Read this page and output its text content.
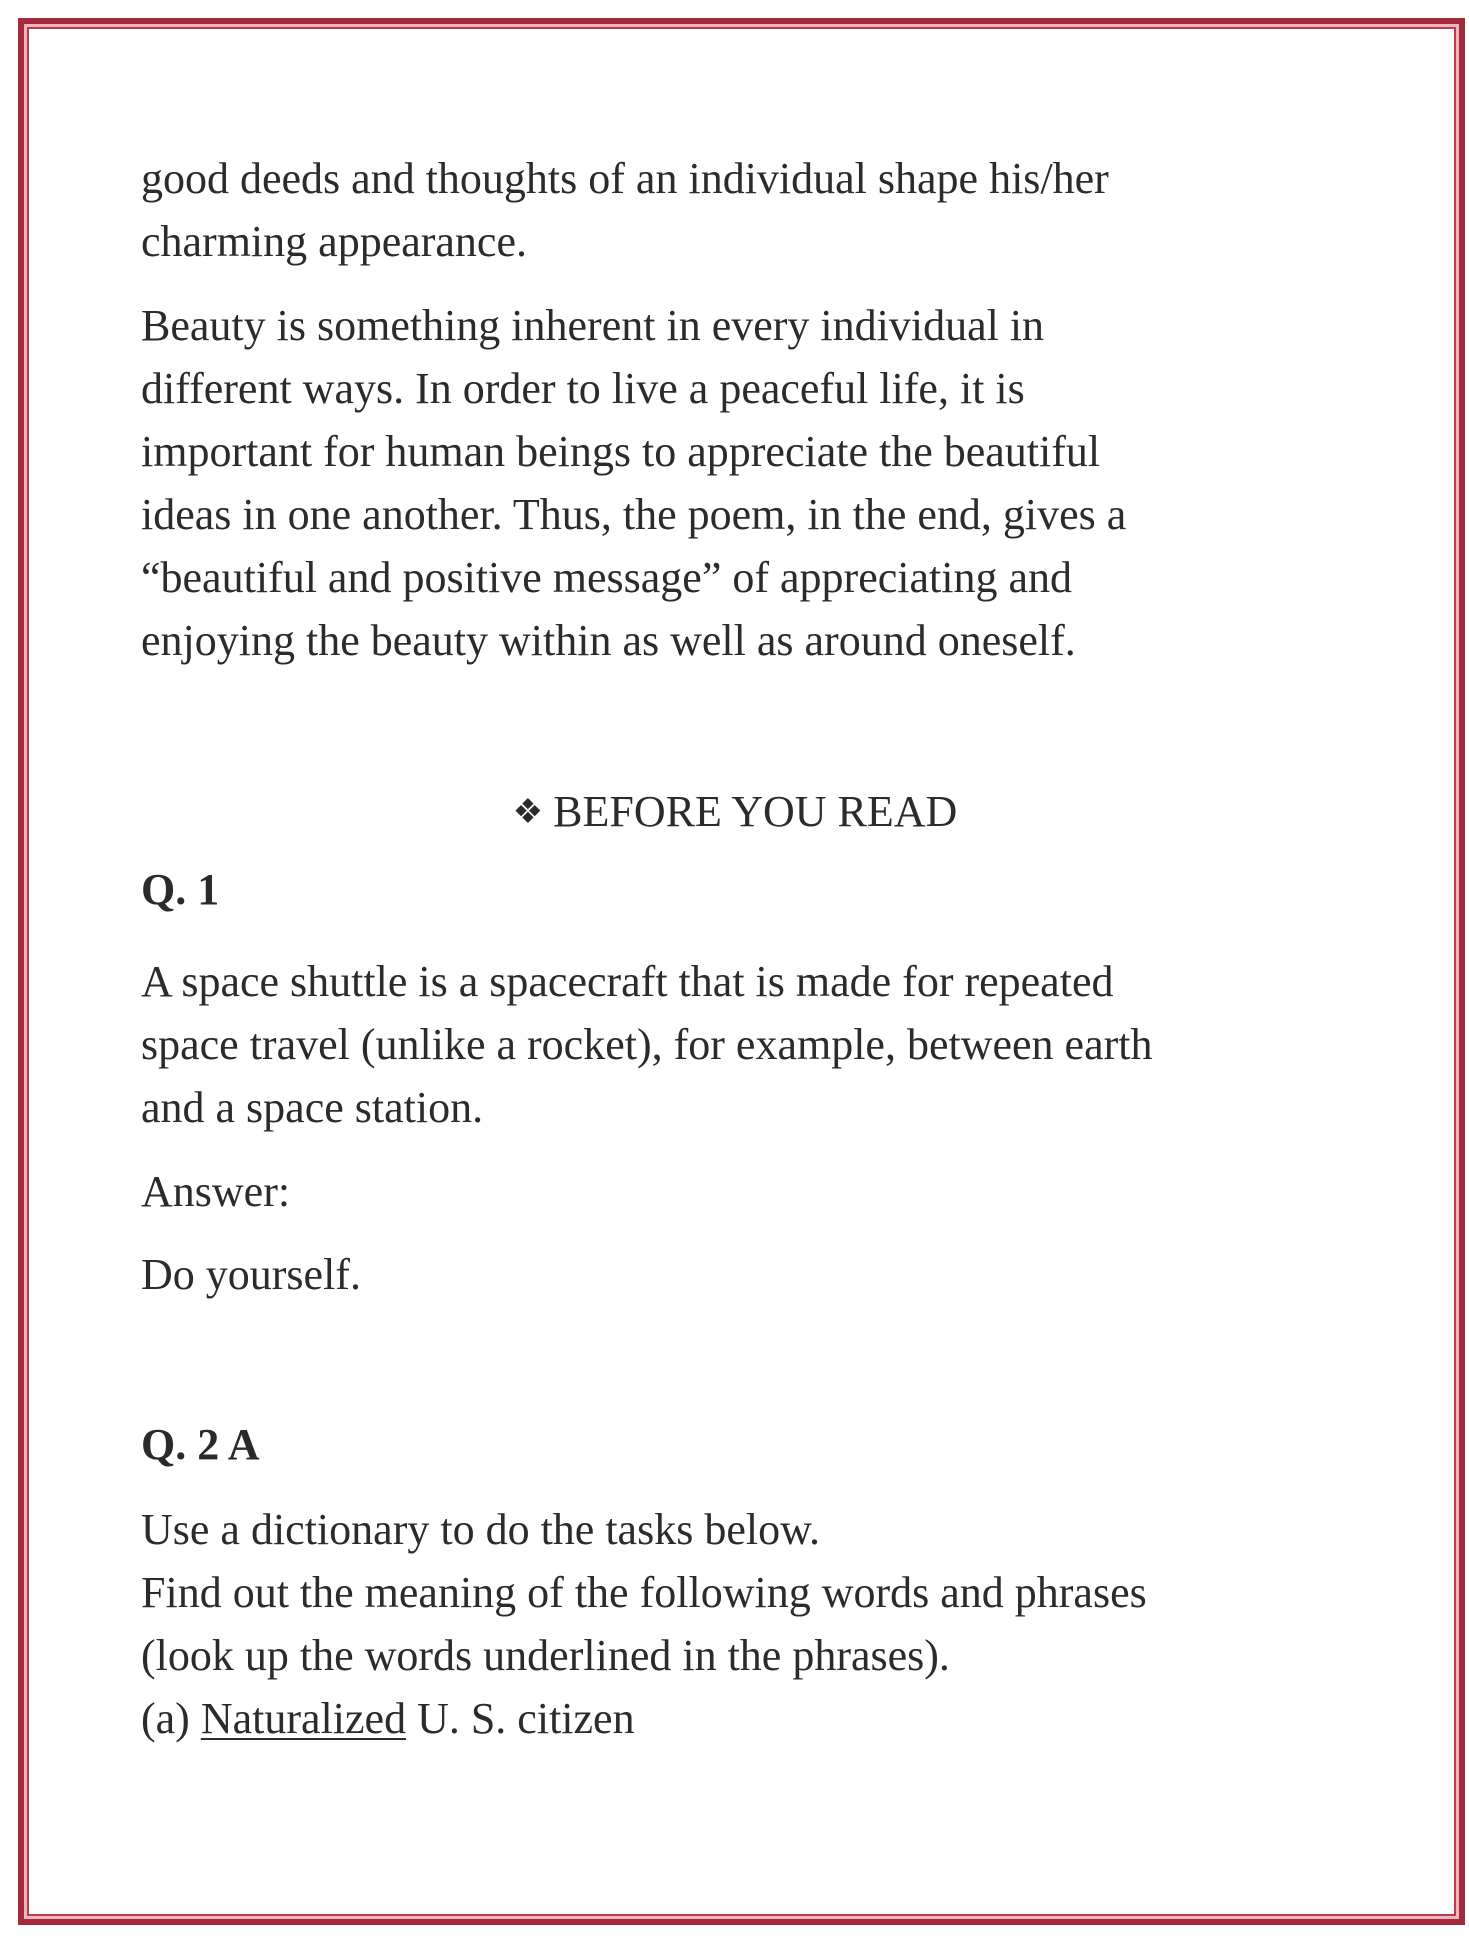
good deeds and thoughts of an individual shape his/her
charming appearance.
Beauty is something inherent in every individual in
different ways. In order to live a peaceful life, it is
important for human beings to appreciate the beautiful
ideas in one another. Thus, the poem, in the end, gives a
“beautiful and positive message” of appreciating and
enjoying the beauty within as well as around oneself.
❖ BEFORE YOU READ
Q. 1
A space shuttle is a spacecraft that is made for repeated
space travel (unlike a rocket), for example, between earth
and a space station.
Answer:
Do yourself.
Q. 2 A
Use a dictionary to do the tasks below.
Find out the meaning of the following words and phrases
(look up the words underlined in the phrases).
(a) Naturalized U. S. citizen
